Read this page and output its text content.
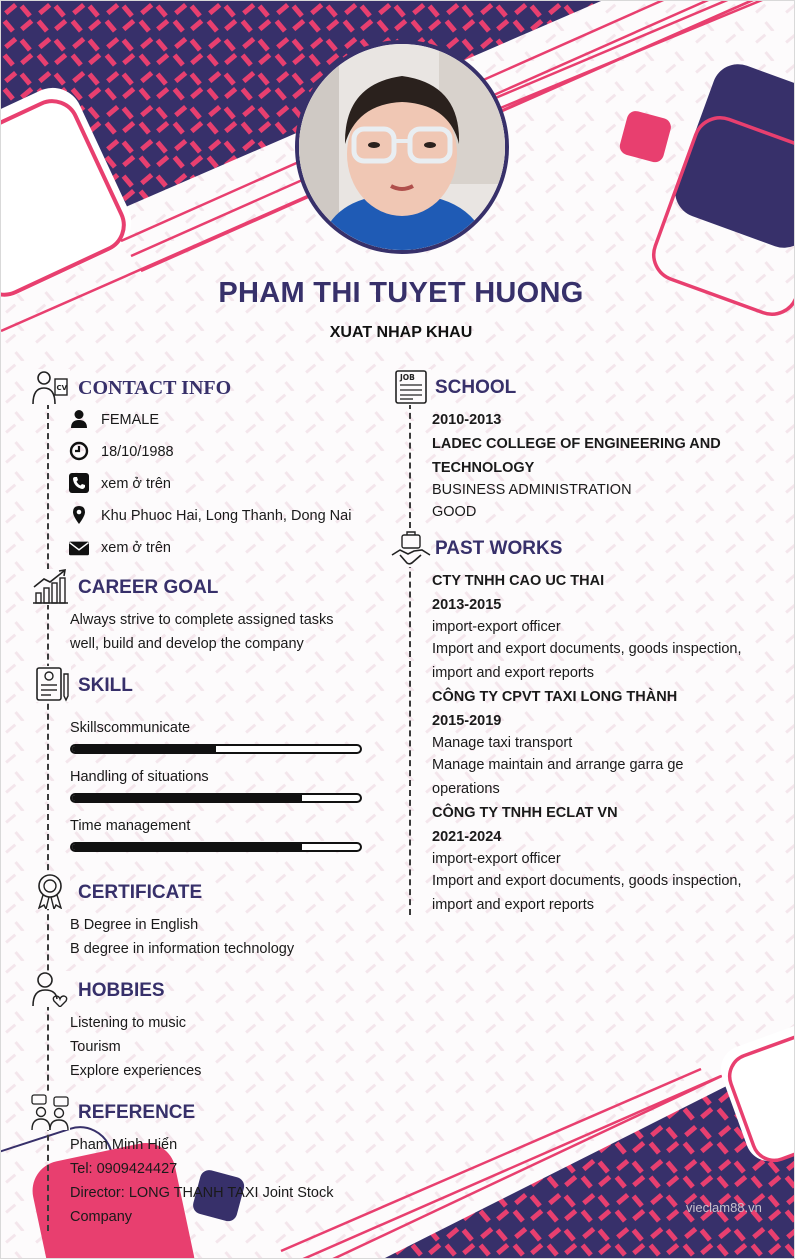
PHAM THI TUYET HUONG
XUAT NHAP KHAU
CV CONTACT INFO
FEMALE
18/10/1988
xem ở trên
Khu Phuoc Hai, Long Thanh, Dong Nai
xem ở trên
CAREER GOAL
Always strive to complete assigned tasks
well, build and develop the company
SKILL
Skillscommunicate
Handling of situations
Time management
CERTIFICATE
B Degree in English
B degree in information technology
HOBBIES
Listening to music
Tourism
Explore experiences
REFERENCE
Pham Minh Hiển
Tel: 0909424427
Director: LONG THANH TAXI Joint Stock
Company
JOB SCHOOL
2010-2013
LADEC COLLEGE OF ENGINEERING AND
TECHNOLOGY
BUSINESS ADMINISTRATION
GOOD
PAST WORKS
CTY TNHH CAO UC THAI
2013-2015
import-export officer
Import and export documents, goods inspection,
import and export reports
CÔNG TY CPVT TAXI LONG THÀNH
2015-2019
Manage taxi transport
Manage maintain and arrange garra ge
operations
CÔNG TY TNHH ECLAT VN
2021-2024
import-export officer
Import and export documents, goods inspection,
import and export reports
vieclam88.vn
